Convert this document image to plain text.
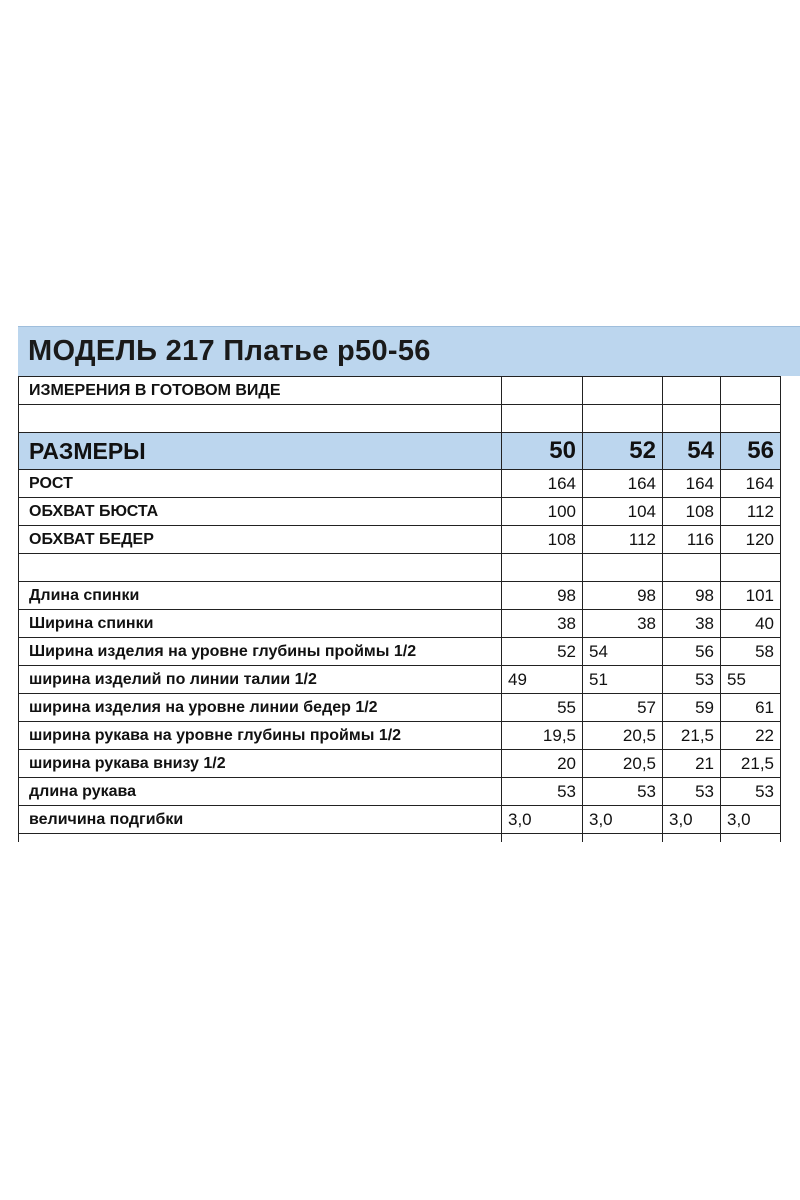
МОДЕЛЬ 217 Платье р50-56
ИЗМЕРЕНИЯ В ГОТОВОМ ВИДЕ				

РАЗМЕРЫ	50	52	54	56
РОСТ	164	164	164	164
ОБХВАТ БЮСТА	100	104	108	112
ОБХВАТ БЕДЕР	108	112	116	120

Длина спинки	98	98	98	101
Ширина спинки	38	38	38	40
Ширина изделия на уровне глубины проймы 1/2	52	54	56	58
ширина изделий по линии талии 1/2	49	51	53	55
ширина изделия на уровне линии бедер 1/2	55	57	59	61
ширина рукава на уровне глубины проймы 1/2	19,5	20,5	21,5	22
ширина рукава внизу 1/2	20	20,5	21	21,5
длина рукава	53	53	53	53
величина подгибки	3,0	3,0	3,0	3,0
